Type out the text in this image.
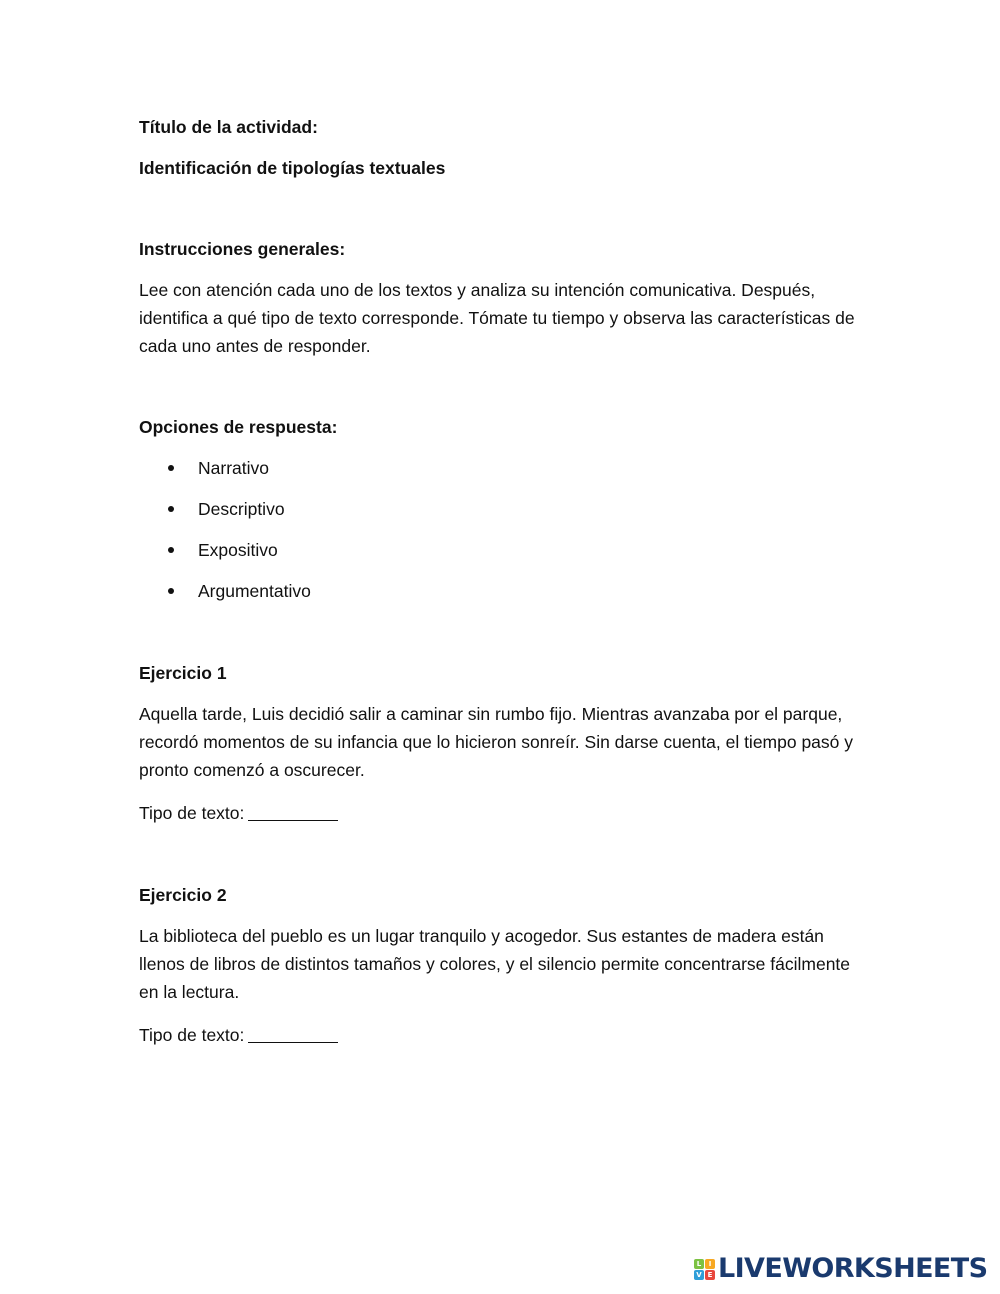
Título de la actividad:

Identificación de tipologías textuales

Instrucciones generales:

Lee con atención cada uno de los textos y analiza su intención comunicativa. Después, identifica a qué tipo de texto corresponde. Tómate tu tiempo y observa las características de cada uno antes de responder.

Opciones de respuesta:

Narrativo
Descriptivo
Expositivo
Argumentativo

Ejercicio 1

Aquella tarde, Luis decidió salir a caminar sin rumbo fijo. Mientras avanzaba por el parque, recordó momentos de su infancia que lo hicieron sonreír. Sin darse cuenta, el tiempo pasó y pronto comenzó a oscurecer.

Tipo de texto:

Ejercicio 2

La biblioteca del pueblo es un lugar tranquilo y acogedor. Sus estantes de madera están llenos de libros de distintos tamaños y colores, y el silencio permite concentrarse fácilmente en la lectura.

Tipo de texto:

L	I
V E LIVEWORKSHEETS
